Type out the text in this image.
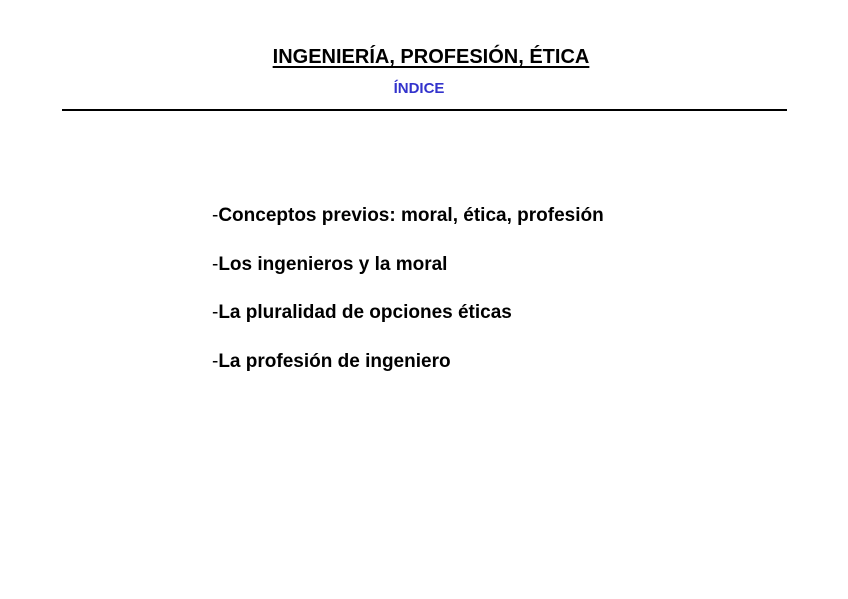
INGENIERÍA, PROFESIÓN, ÉTICA
ÍNDICE
-Conceptos previos: moral, ética, profesión
-Los ingenieros y la moral
-La pluralidad de opciones éticas
-La profesión de ingeniero
